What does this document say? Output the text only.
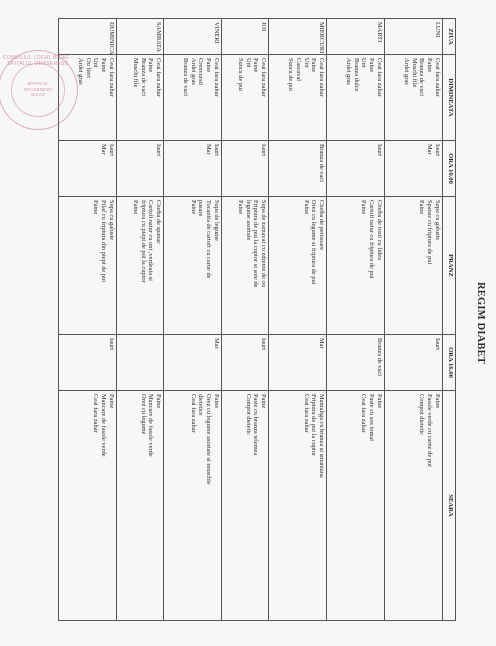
REGIM DIABET
ZIUA	DIMINEATA	ORA 10.00	PRANZ	ORA 16.00	SEARA
LUNI	Ceai fara zahar
Paine
Branza de vaci
Muschi file
Ardei gras	Iaurt
Mar	Supa cu galuste
Spanac cu friptura de pui
Paine	Iaurt	Paine
Fasole verde cu carne de pui
Compot dietetic

MARTI	Ceai fara zahar
Paine
Unt
Branza dulce
Ardei gras	Iaurt	Ciorba de rosii cu fidea
Cartofi natur cu friptura de pui
Paine	Branza de vaci	Paine
Paste cu sos tomat
Ceai fara zahar

MIERCURI	Ceai fara zahar
Paine
Unt
Cascaval
Sunca de pui	Branza de vaci	Ciorba de perisoare
Orez cu legume si friptura de pui
Paine	Mar	Mamaliga cu branza si smantana
Friptura de pui la cuptor
Ceai fara zahar

JOI	Ceai fara zahar
Paine
Unt
Sunca de pui	Iaurt	Supa de zarzavat cu zdrente de ou
Friptura de pui la cuptor si sote de
legume asortate
Paine	Iaurt	Paine
Paste cu branza telemea
Compot dietetic

VINERI	Ceai fara zahar
Paine
Crenvursti
Ardei gras
Branza de vaci	Iaurt
Mar	Supa de legume
Tocanita de cartofi cu carne de
pasare
Paine	Mar	Paine
Orez cu legume asortate si muschie
dietetice
Ceai fara zahar

SAMBATA	Ceai fara zahar
Paine
Branza de vaci
Muschi file	Iaurt	Ciorba de spanac
Cartofi natur cu unt ,verdeata si
friptura cu piept de pui la cuptor
Paine		Paine
Mancare de fasole verde
Orez cu legume

DUMINICA	Ceai fara zahar
Paine
Unt
Ou fiert
Ardei gras	Iaurt
Mar	Supa cu galuste
Pilaf cu friptura din piept de pui
Paine	Iaurt	Paine
Mancare de fasole verde
Ceai fara zahar
CONSILIUL LOCAL BICAZ · SPITALUL ORASENESC
SPITALUL
ORASENESC
BICAZ
